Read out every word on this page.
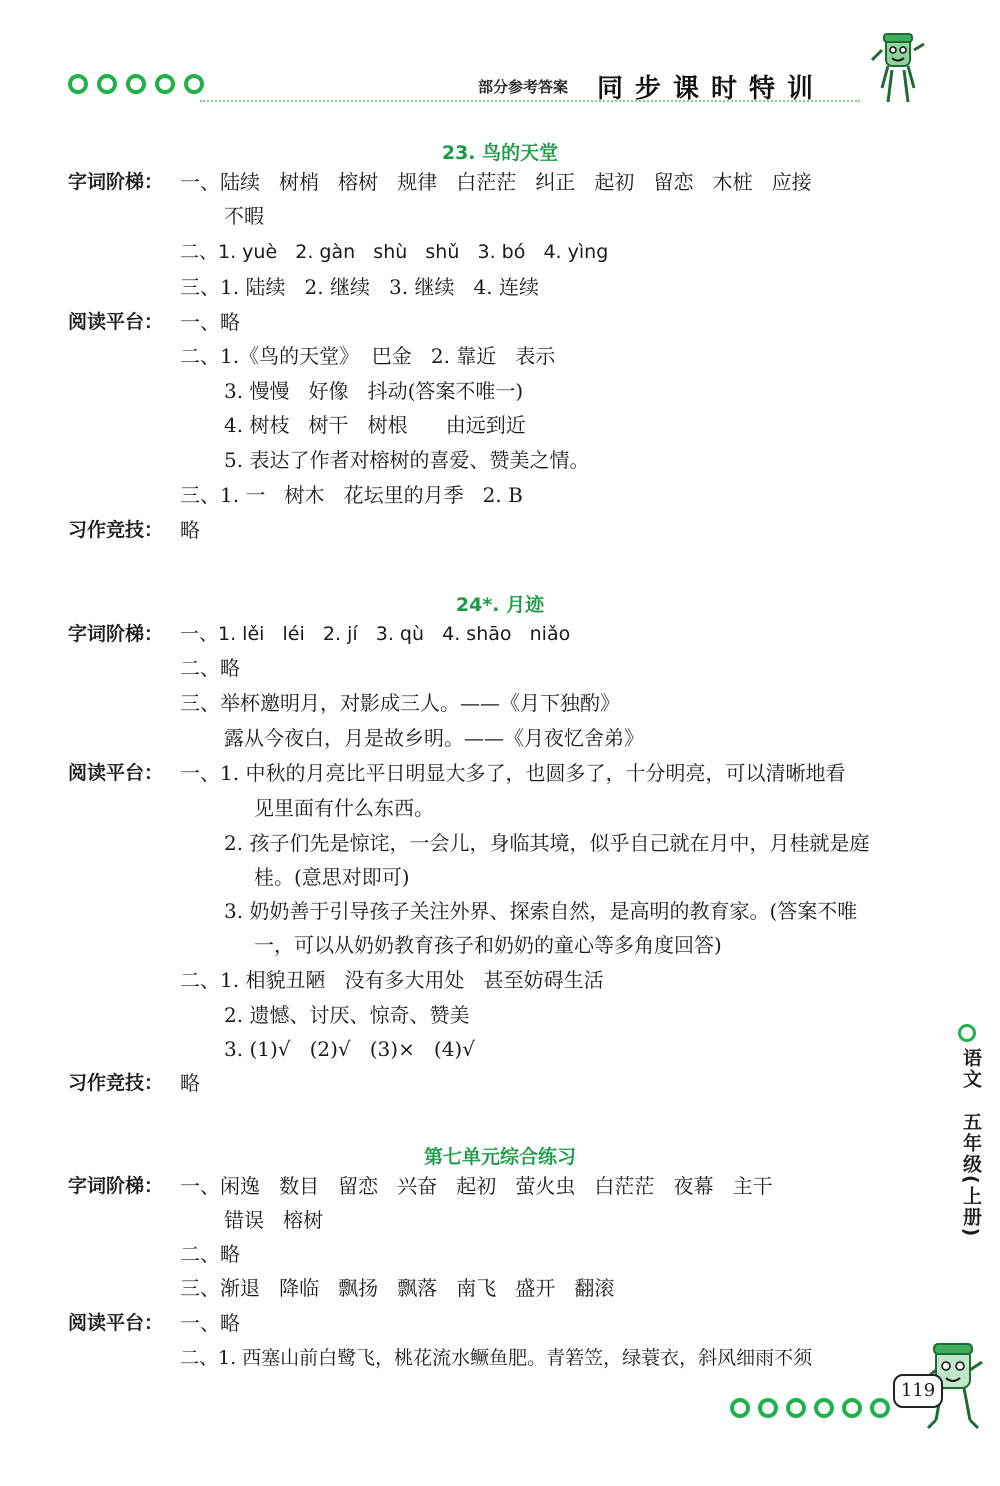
部分参考答案 同步课时特训
23. 鸟的天堂
字词阶梯： 一、陆续   树梢   榕树   规律   白茫茫   纠正   起初   留恋   木桩   应接
不暇
二、1. yuè   2. gàn   shù   shǔ   3. bó   4. yìng
三、1. 陆续   2. 继续   3. 继续   4. 连续
阅读平台： 一、略
二、1.《鸟的天堂》  巴金   2. 靠近   表示
3. 慢慢   好像   抖动(答案不唯一)
4. 树枝   树干   树根      由远到近
5. 表达了作者对榕树的喜爱、赞美之情。
三、1. 一   树木   花坛里的月季   2. B
习作竞技： 略
24*. 月迹
字词阶梯： 一、1. lěi   léi   2. jí   3. qù   4. shāo   niǎo
二、略
三、举杯邀明月，对影成三人。——《月下独酌》
露从今夜白，月是故乡明。——《月夜忆舍弟》
阅读平台： 一、1. 中秋的月亮比平日明显大多了，也圆多了，十分明亮，可以清晰地看
见里面有什么东西。
2. 孩子们先是惊诧，一会儿，身临其境，似乎自己就在月中，月桂就是庭
桂。(意思对即可)
3. 奶奶善于引导孩子关注外界、探索自然，是高明的教育家。(答案不唯
一，可以从奶奶教育孩子和奶奶的童心等多角度回答)
二、1. 相貌丑陋   没有多大用处   甚至妨碍生活
2. 遗憾、讨厌、惊奇、赞美
3. (1)√   (2)√   (3)×   (4)√
习作竞技： 略
第七单元综合练习
字词阶梯： 一、闲逸   数目   留恋   兴奋   起初   萤火虫   白茫茫   夜幕   主干
错误   榕树
二、略
三、渐退   降临   飘扬   飘落   南飞   盛开   翻滚
阅读平台： 一、略
二、1. 西塞山前白鹭飞，桃花流水鳜鱼肥。青箬笠，绿蓑衣，斜风细雨不须
语文
五年级(上册)
119
